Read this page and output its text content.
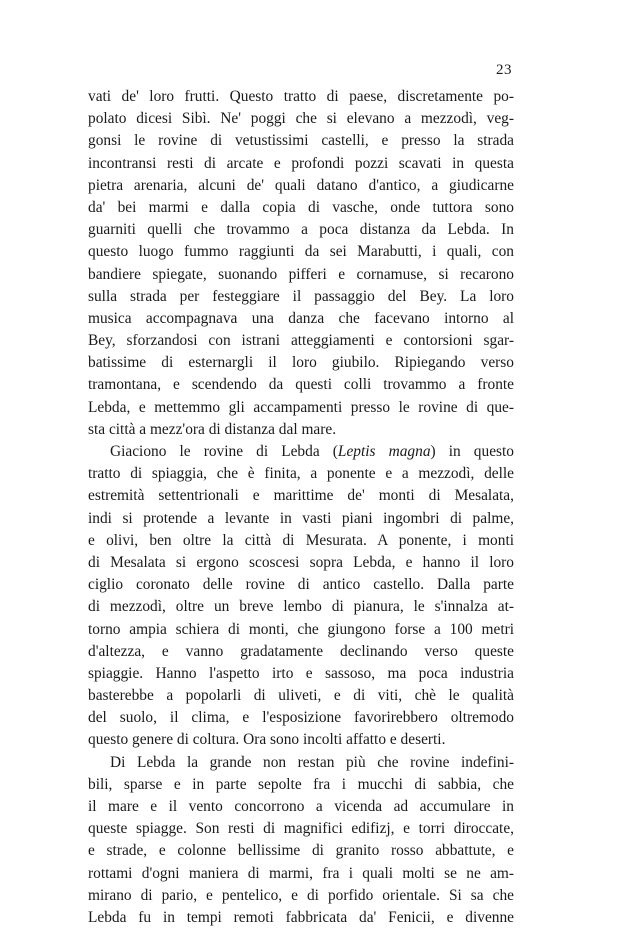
23
vati de' loro frutti. Questo tratto di paese, discretamente po-
polato dicesi Sibì. Ne' poggi che si elevano a mezzodì, veg-
gonsi le rovine di vetustissimi castelli, e presso la strada
incontransi resti di arcate e profondi pozzi scavati in questa
pietra arenaria, alcuni de' quali datano d'antico, a giudicarne
da' bei marmi e dalla copia di vasche, onde tuttora sono
guarniti quelli che trovammo a poca distanza da Lebda. In
questo luogo fummo raggiunti da sei Marabutti, i quali, con
bandiere spiegate, suonando pifferi e cornamuse, si recarono
sulla strada per festeggiare il passaggio del Bey. La loro
musica accompagnava una danza che facevano intorno al
Bey, sforzandosi con istrani atteggiamenti e contorsioni sgar-
batissime di esternargli il loro giubilo. Ripiegando verso
tramontana, e scendendo da questi colli trovammo a fronte
Lebda, e mettemmo gli accampamenti presso le rovine di que-
sta città a mezz'ora di distanza dal mare.
Giaciono le rovine di Lebda (Leptis magna) in questo
tratto di spiaggia, che è finita, a ponente e a mezzodì, delle
estremità settentrionali e marittime de' monti di Mesalata,
indi si protende a levante in vasti piani ingombri di palme,
e olivi, ben oltre la città di Mesurata. A ponente, i monti
di Mesalata si ergono scoscesi sopra Lebda, e hanno il loro
ciglio coronato delle rovine di antico castello. Dalla parte
di mezzodì, oltre un breve lembo di pianura, le s'innalza at-
torno ampia schiera di monti, che giungono forse a 100 metri
d'altezza, e vanno gradatamente declinando verso queste
spiaggie. Hanno l'aspetto irto e sassoso, ma poca industria
basterebbe a popolarli di uliveti, e di viti, chè le qualità
del suolo, il clima, e l'esposizione favorirebbero oltremodo
questo genere di coltura. Ora sono incolti affatto e deserti.
Di Lebda la grande non restan più che rovine indefini-
bili, sparse e in parte sepolte fra i mucchi di sabbia, che
il mare e il vento concorrono a vicenda ad accumulare in
queste spiagge. Son resti di magnifici edifizj, e torri diroccate,
e strade, e colonne bellissime di granito rosso abbattute, e
rottami d'ogni maniera di marmi, fra i quali molti se ne am-
mirano di pario, e pentelico, e di porfido orientale. Si sa che
Lebda fu in tempi remoti fabbricata da' Fenicii, e divenne
